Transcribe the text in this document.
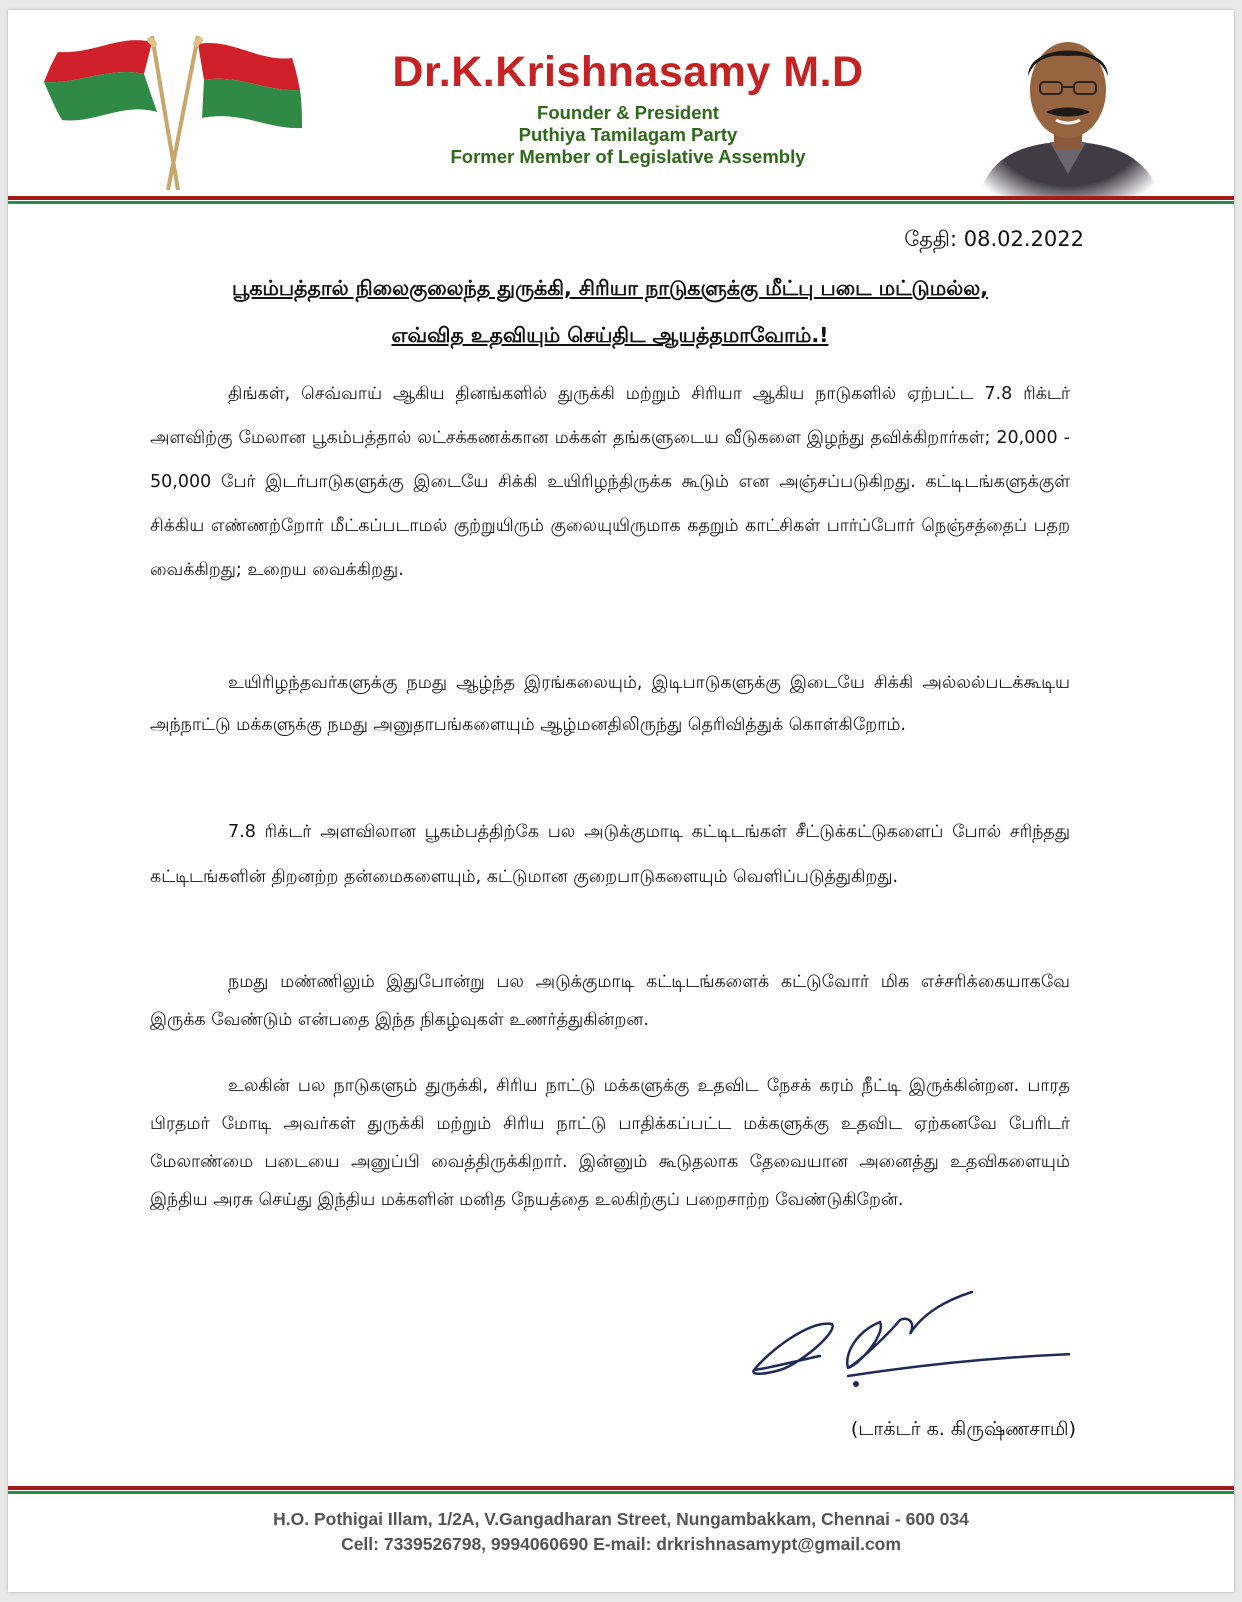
Dr.K.Krishnasamy M.D
Founder & President
Puthiya Tamilagam Party
Former Member of Legislative Assembly
தேதி: 08.02.2022
பூகம்பத்தால் நிலைகுலைந்த துருக்கி, சிரியா நாடுகளுக்கு மீட்பு படை மட்டுமல்ல,
எவ்வித உதவியும் செய்திட ஆயத்தமாவோம்.!

திங்கள், செவ்வாய் ஆகிய தினங்களில் துருக்கி மற்றும் சிரியா ஆகிய நாடுகளில் ஏற்பட்ட 7.8 ரிக்டர் அளவிற்கு மேலான பூகம்பத்தால் லட்சக்கணக்கான மக்கள் தங்களுடைய வீடுகளை இழந்து தவிக்கிறார்கள்; 20,000 - 50,000 பேர் இடர்பாடுகளுக்கு இடையே சிக்கி உயிரிழந்திருக்க கூடும் என அஞ்சப்படுகிறது. கட்டிடங்களுக்குள் சிக்கிய எண்ணற்றோர் மீட்கப்படாமல் குற்றுயிரும் குலையுயிருமாக கதறும் காட்சிகள் பார்ப்போர் நெஞ்சத்தைப் பதற வைக்கிறது; உறைய வைக்கிறது.

உயிரிழந்தவர்களுக்கு நமது ஆழ்ந்த இரங்கலையும், இடிபாடுகளுக்கு இடையே சிக்கி அல்லல்படக்கூடிய அந்நாட்டு மக்களுக்கு நமது அனுதாபங்களையும் ஆழ்மனதிலிருந்து தெரிவித்துக் கொள்கிறோம்.

7.8 ரிக்டர் அளவிலான பூகம்பத்திற்கே பல அடுக்குமாடி கட்டிடங்கள் சீட்டுக்கட்டுகளைப் போல் சரிந்தது கட்டிடங்களின் திறனற்ற தன்மைகளையும், கட்டுமான குறைபாடுகளையும் வெளிப்படுத்துகிறது.

நமது மண்ணிலும் இதுபோன்று பல அடுக்குமாடி கட்டிடங்களைக் கட்டுவோர் மிக எச்சரிக்கையாகவே இருக்க வேண்டும் என்பதை இந்த நிகழ்வுகள் உணர்த்துகின்றன.

உலகின் பல நாடுகளும் துருக்கி, சிரிய நாட்டு மக்களுக்கு உதவிட நேசக் கரம் நீட்டி இருக்கின்றன. பாரத பிரதமர் மோடி அவர்கள் துருக்கி மற்றும் சிரிய நாட்டு பாதிக்கப்பட்ட மக்களுக்கு உதவிட ஏற்கனவே பேரிடர் மேலாண்மை படையை அனுப்பி வைத்திருக்கிறார். இன்னும் கூடுதலாக தேவையான அனைத்து உதவிகளையும் இந்திய அரசு செய்து இந்திய மக்களின் மனித நேயத்தை உலகிற்குப் பறைசாற்ற வேண்டுகிறேன்.

(டாக்டர் க. கிருஷ்ணசாமி)
H.O. Pothigai Illam, 1/2A, V.Gangadharan Street, Nungambakkam, Chennai - 600 034
Cell: 7339526798, 9994060690 E-mail: drkrishnasamypt@gmail.com
